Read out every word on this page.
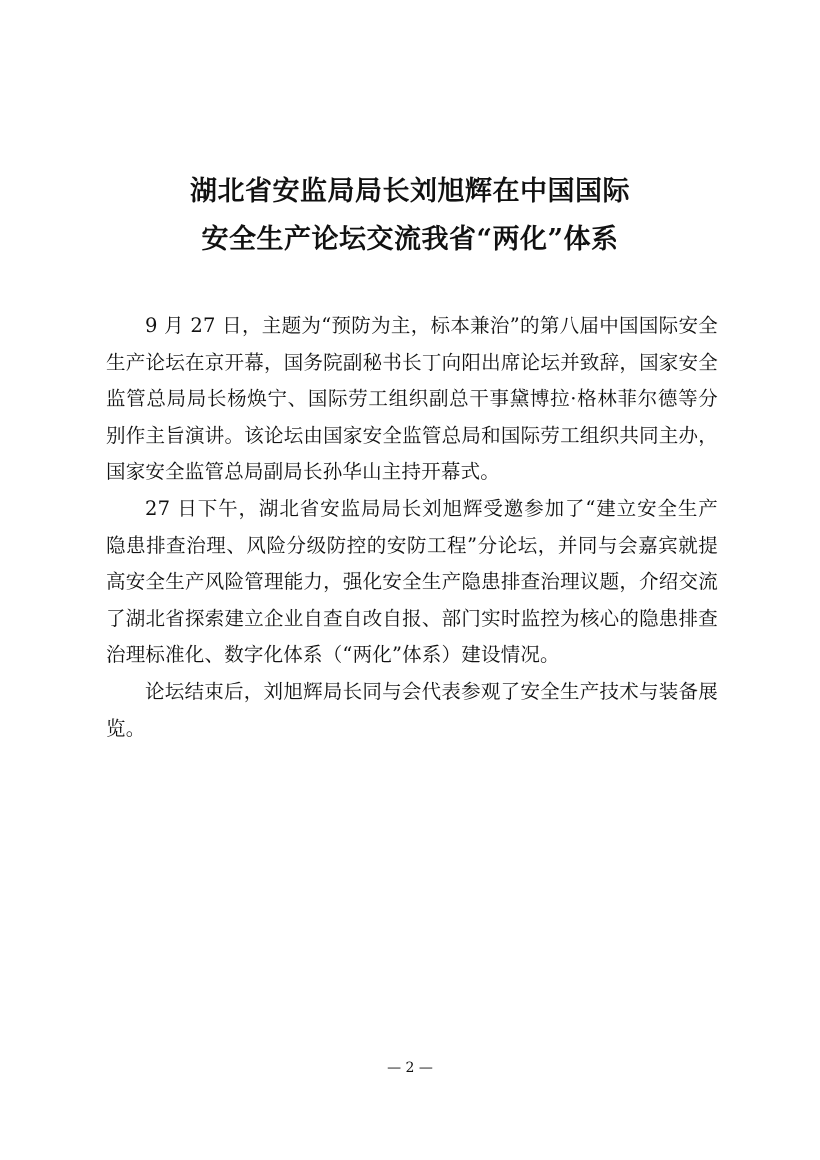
湖北省安监局局长刘旭辉在中国国际
安全生产论坛交流我省“两化”体系

9 月 27 日，主题为“预防为主，标本兼治”的第八届中国国际安全生产论坛在京开幕，国务院副秘书长丁向阳出席论坛并致辞，国家安全监管总局局长杨焕宁、国际劳工组织副总干事黛博拉·格林菲尔德等分别作主旨演讲。该论坛由国家安全监管总局和国际劳工组织共同主办，国家安全监管总局副局长孙华山主持开幕式。

27 日下午，湖北省安监局局长刘旭辉受邀参加了“建立安全生产隐患排查治理、风险分级防控的安防工程”分论坛，并同与会嘉宾就提高安全生产风险管理能力，强化安全生产隐患排查治理议题，介绍交流了湖北省探索建立企业自查自改自报、部门实时监控为核心的隐患排查治理标准化、数字化体系（“两化”体系）建设情况。

论坛结束后，刘旭辉局长同与会代表参观了安全生产技术与装备展览。

— 2 —
